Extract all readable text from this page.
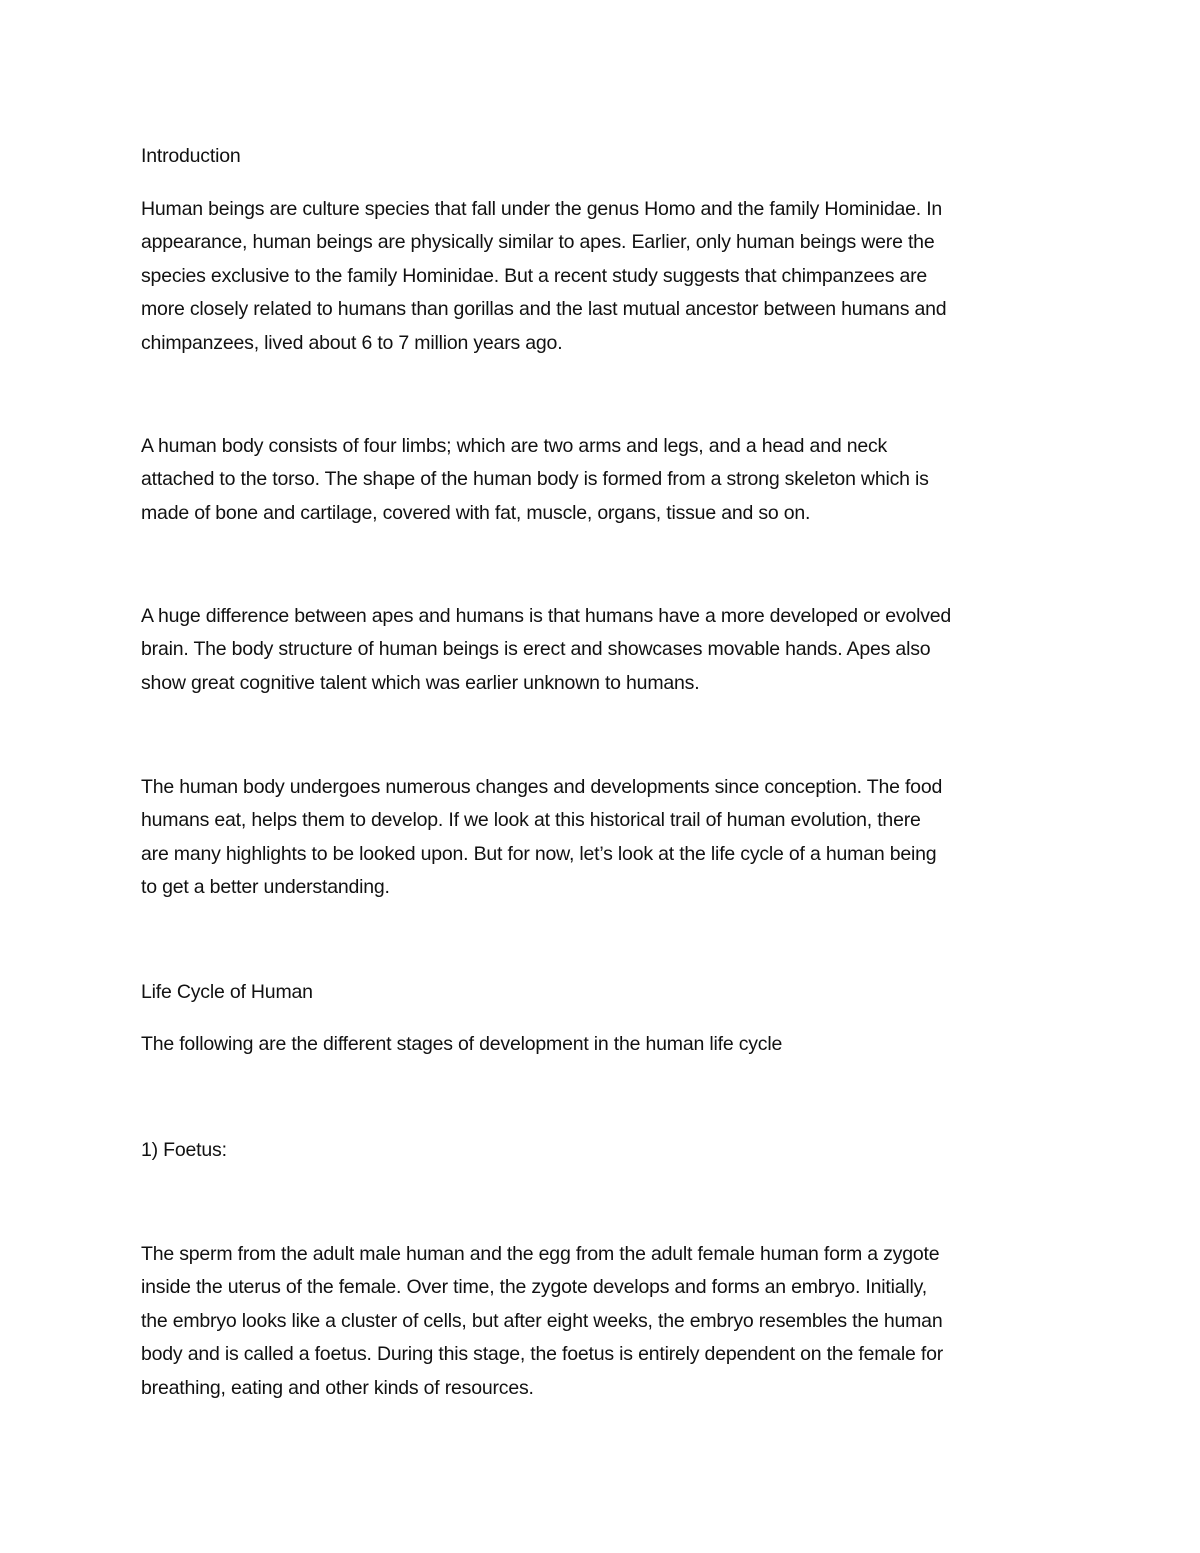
Introduction

Human beings are culture species that fall under the genus Homo and the family Hominidae. In
appearance, human beings are physically similar to apes. Earlier, only human beings were the
species exclusive to the family Hominidae. But a recent study suggests that chimpanzees are
more closely related to humans than gorillas and the last mutual ancestor between humans and
chimpanzees, lived about 6 to 7 million years ago.

A human body consists of four limbs; which are two arms and legs, and a head and neck
attached to the torso. The shape of the human body is formed from a strong skeleton which is
made of bone and cartilage, covered with fat, muscle, organs, tissue and so on.

A huge difference between apes and humans is that humans have a more developed or evolved
brain. The body structure of human beings is erect and showcases movable hands. Apes also
show great cognitive talent which was earlier unknown to humans.

The human body undergoes numerous changes and developments since conception. The food
humans eat, helps them to develop. If we look at this historical trail of human evolution, there
are many highlights to be looked upon. But for now, let’s look at the life cycle of a human being
to get a better understanding.

Life Cycle of Human

The following are the different stages of development in the human life cycle

1) Foetus:

The sperm from the adult male human and the egg from the adult female human form a zygote
inside the uterus of the female. Over time, the zygote develops and forms an embryo. Initially,
the embryo looks like a cluster of cells, but after eight weeks, the embryo resembles the human
body and is called a foetus. During this stage, the foetus is entirely dependent on the female for
breathing, eating and other kinds of resources.
